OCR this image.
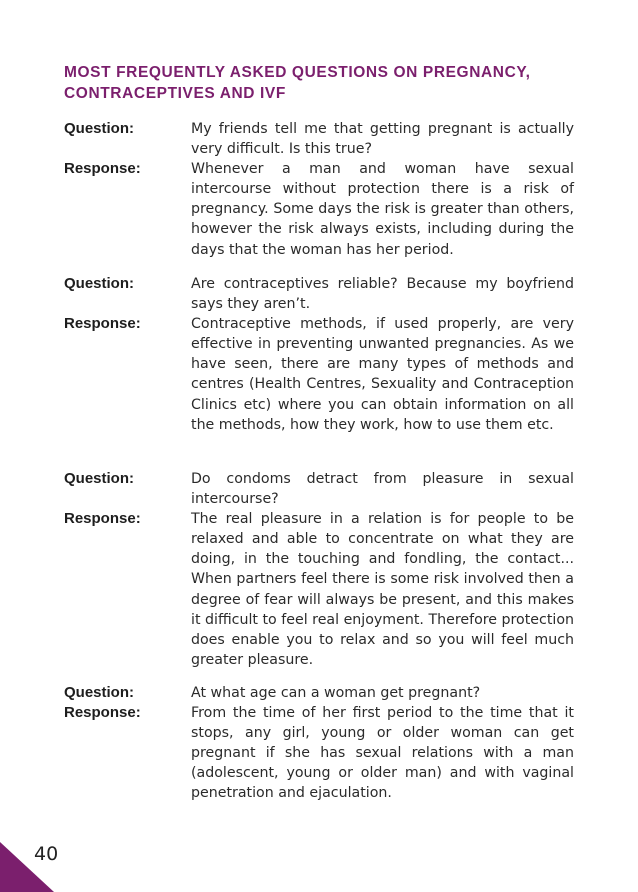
MOST FREQUENTLY ASKED QUESTIONS ON PREGNANCY,
CONTRACEPTIVES AND IVF
Question:	My friends tell me that getting pregnant is actually very difficult. Is this true?
Response:	Whenever a man and woman have sexual intercourse without protection there is a risk of pregnancy. Some days the risk is greater than others, however the risk always exists, including during the days that the woman has her period.
Question:	Are contraceptives reliable? Because my boyfriend says they aren’t.
Response:	Contraceptive methods, if used properly, are very effective in preventing unwanted pregnancies. As we have seen, there are many types of methods and centres (Health Centres, Sexuality and Contraception Clinics etc) where you can obtain information on all the methods, how they work, how to use them etc.
Question:	Do condoms detract from pleasure in sexual intercourse?
Response:	The real pleasure in a relation is for people to be relaxed and able to concentrate on what they are doing, in the touching and fondling, the contact... When partners feel there is some risk involved then a degree of fear will always be present, and this makes it difficult to feel real enjoyment. Therefore protection does enable you to relax and so you will feel much greater pleasure.
Question:	At what age can a woman get pregnant?
Response:	From the time of her first period to the time that it stops, any girl, young or older woman can get pregnant if she has sexual relations with a man (adolescent, young or older man) and with vaginal penetration and ejaculation.
40
